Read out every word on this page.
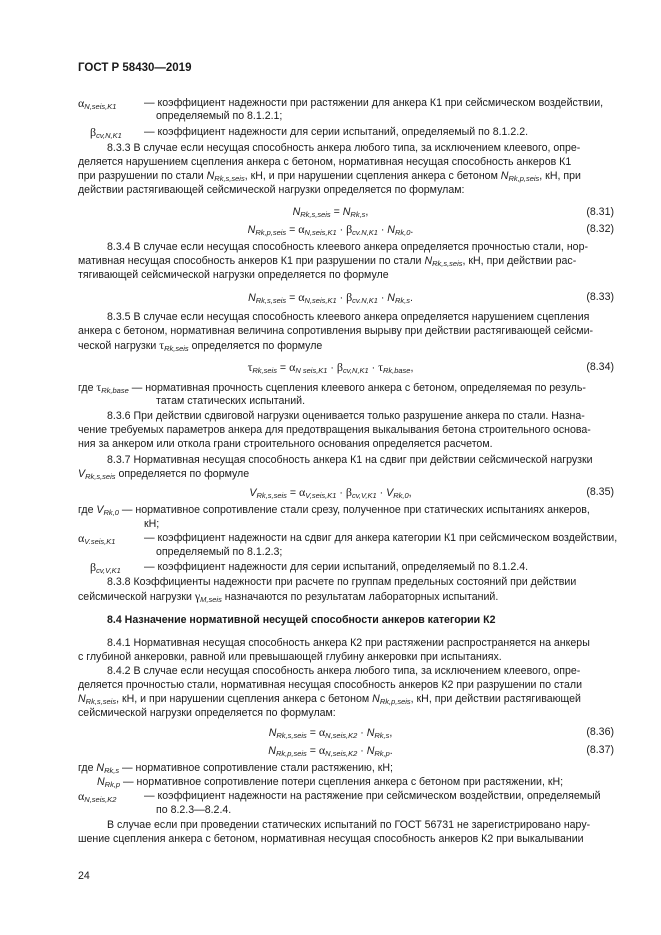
ГОСТ Р 58430—2019
$\alpha_{N,seis,K1}$	— коэффициент надежности при растяжении для анкера К1 при сейсмическом воздействии,
определяемый по 8.1.2.1;
$\beta_{cv,N,K1}$ — коэффициент надежности для серии испытаний, определяемый по 8.1.2.2.
8.3.3 В случае если несущая способность анкера любого типа, за исключением клеевого, опре-
деляется нарушением сцепления анкера с бетоном, нормативная несущая способность анкеров К1
при разрушении по стали $N_{Rk,s,seis}$, кН, и при нарушении сцепления анкера с бетоном $N_{Rk,p,seis}$, кН, при
действии растягивающей сейсмической нагрузки определяется по формулам:
$N_{Rk,s,seis} = N_{Rk,s}$,	(8.31)
$N_{Rk,p,seis} = \alpha_{N,seis,K1} \cdot \beta_{cv.N,K1} \cdot N_{Rk,0}$.	(8.32)
8.3.4 В случае если несущая способность клеевого анкера определяется прочностью стали, нор-
мативная несущая способность анкеров К1 при разрушении по стали $N_{Rk,s,seis}$, кН, при действии рас-
тягивающей сейсмической нагрузки определяется по формуле
$N_{Rk,s,seis} = \alpha_{N,seis,K1} \cdot \beta_{cv.N,K1} \cdot N_{Rk,s}$.	(8.33)
8.3.5 В случае если несущая способность клеевого анкера определяется нарушением сцепления
анкера с бетоном, нормативная величина сопротивления вырыву при действии растягивающей сейсми-
ческой нагрузки $\tau_{Rk,seis}$ определяется по формуле
$\tau_{Rk,seis} = \alpha_{N seis,K1} \cdot \beta_{cv,N,K1} \cdot \tau_{Rk,base}$,	(8.34)
где $\tau_{Rk,base}$ — нормативная прочность сцепления клеевого анкера с бетоном, определяемая по резуль-
татам статических испытаний.
8.3.6 При действии сдвиговой нагрузки оценивается только разрушение анкера по стали. Назна-
чение требуемых параметров анкера для предотвращения выкалывания бетона строительного основа-
ния за анкером или откола грани строительного основания определяется расчетом.
8.3.7 Нормативная несущая способность анкера К1 на сдвиг при действии сейсмической нагрузки
$V_{Rk,s,seis}$ определяется по формуле
$V_{Rk,s,seis} = \alpha_{V,seis,K1} \cdot \beta_{cv,V,K1} \cdot V_{Rk,0}$,	(8.35)
где $V_{Rk,0}$ — нормативное сопротивление стали срезу, полученное при статических испытаниях анкеров,
кН;
$\alpha_{V.seis,K1}$	— коэффициент надежности на сдвиг для анкера категории К1 при сейсмическом воздействии,
определяемый по 8.1.2.3;
$\beta_{cv,V,K1}$ — коэффициент надежности для серии испытаний, определяемый по 8.1.2.4.
8.3.8 Коэффициенты надежности при расчете по группам предельных состояний при действии
сейсмической нагрузки $\gamma_{M,seis}$ назначаются по результатам лабораторных испытаний.
8.4 Назначение нормативной несущей способности анкеров категории К2
8.4.1 Нормативная несущая способность анкера К2 при растяжении распространяется на анкеры
с глубиной анкеровки, равной или превышающей глубину анкеровки при испытаниях.
8.4.2 В случае если несущая способность анкера любого типа, за исключением клеевого, опре-
деляется прочностью стали, нормативная несущая способность анкеров К2 при разрушении по стали
$N_{Rk,s,seis}$, кН, и при нарушении сцепления анкера с бетоном $N_{Rk,p,seis}$, кН, при действии растягивающей
сейсмической нагрузки определяется по формулам:
$N_{Rk,s,seis} = \alpha_{N,seis,K2} \cdot N_{Rk,s}$,	(8.36)
$N_{Rk,p,seis} = \alpha_{N,seis,K2} \cdot N_{Rk,p}$.	(8.37)
где $N_{Rk,s}$ — нормативное сопротивление стали растяжению, кН;
$N_{Rk,p}$ — нормативное сопротивление потери сцепления анкера с бетоном при растяжении, кН;
$\alpha_{N,seis,K2}$	— коэффициент надежности на растяжение при сейсмическом воздействии, определяемый
по 8.2.3—8.2.4.
В случае если при проведении статических испытаний по ГОСТ 56731 не зарегистрировано нару-
шение сцепления анкера с бетоном, нормативная несущая способность анкеров К2 при выкалывании
24
